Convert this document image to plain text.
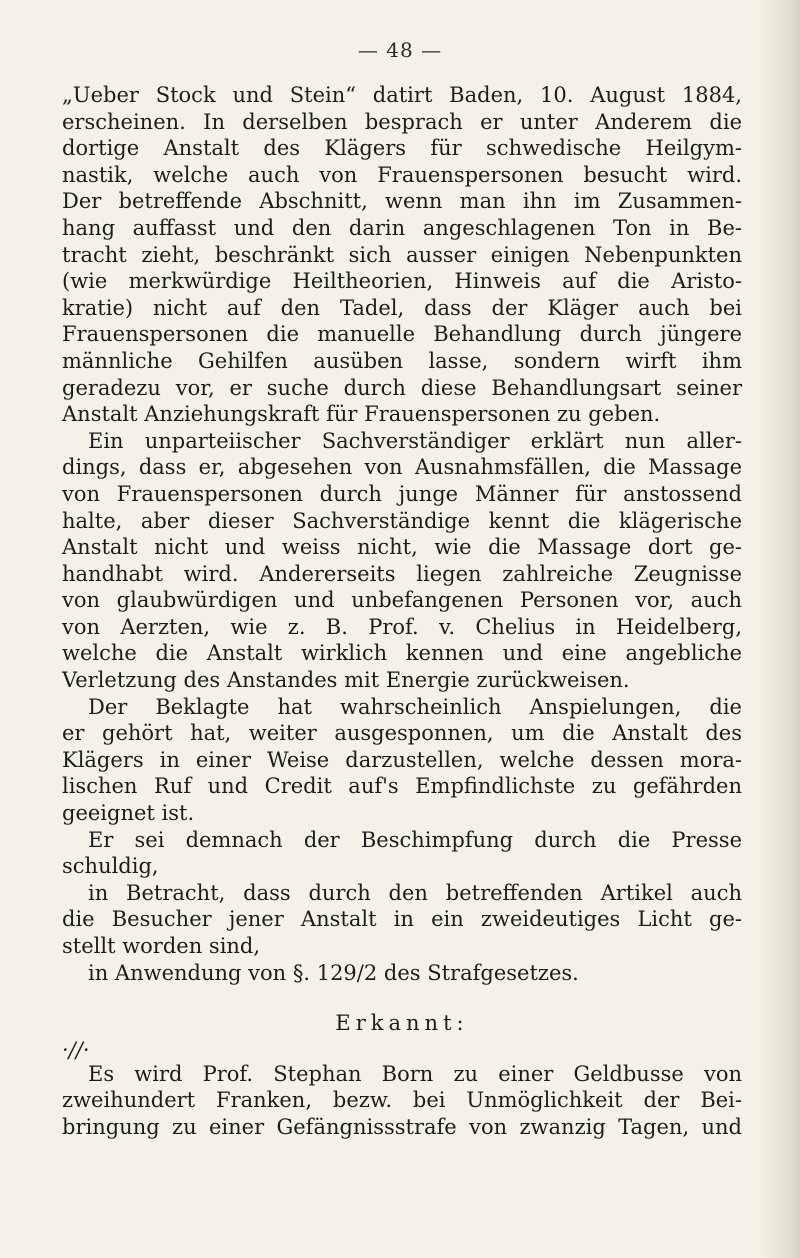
— 48 —
„Ueber Stock und Stein“ datirt Baden, 10. August 1884,
erscheinen. In derselben besprach er unter Anderem die
dortige Anstalt des Klägers für schwedische Heilgym-
nastik, welche auch von Frauenspersonen besucht wird.
Der betreffende Abschnitt, wenn man ihn im Zusammen-
hang auffasst und den darin angeschlagenen Ton in Be-
tracht zieht, beschränkt sich ausser einigen Nebenpunkten
(wie merkwürdige Heiltheorien, Hinweis auf die Aristo-
kratie) nicht auf den Tadel, dass der Kläger auch bei
Frauenspersonen die manuelle Behandlung durch jüngere
männliche Gehilfen ausüben lasse, sondern wirft ihm
geradezu vor, er suche durch diese Behandlungsart seiner
Anstalt Anziehungskraft für Frauenspersonen zu geben.
Ein unparteiischer Sachverständiger erklärt nun aller-
dings, dass er, abgesehen von Ausnahmsfällen, die Massage
von Frauenspersonen durch junge Männer für anstossend
halte, aber dieser Sachverständige kennt die klägerische
Anstalt nicht und weiss nicht, wie die Massage dort ge-
handhabt wird. Andererseits liegen zahlreiche Zeugnisse
von glaubwürdigen und unbefangenen Personen vor, auch
von Aerzten, wie z. B. Prof. v. Chelius in Heidelberg,
welche die Anstalt wirklich kennen und eine angebliche
Verletzung des Anstandes mit Energie zurückweisen.
Der Beklagte hat wahrscheinlich Anspielungen, die
er gehört hat, weiter ausgesponnen, um die Anstalt des
Klägers in einer Weise darzustellen, welche dessen mora-
lischen Ruf und Credit auf's Empfindlichste zu gefährden
geeignet ist.
Er sei demnach der Beschimpfung durch die Presse
schuldig,
in Betracht, dass durch den betreffenden Artikel auch
die Besucher jener Anstalt in ein zweideutiges Licht ge-
stellt worden sind,
in Anwendung von §. 129/2 des Strafgesetzes.
Erkannt:
·//·
Es wird Prof. Stephan Born zu einer Geldbusse von
zweihundert Franken, bezw. bei Unmöglichkeit der Bei-
bringung zu einer Gefängnissstrafe von zwanzig Tagen, und
